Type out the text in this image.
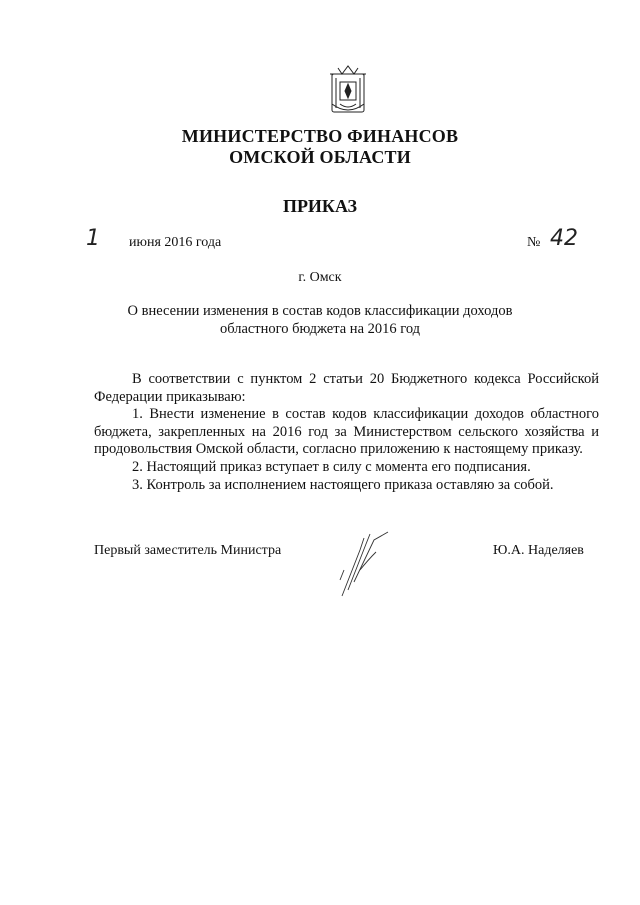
МИНИСТЕРСТВО ФИНАНСОВ
ОМСКОЙ ОБЛАСТИ
ПРИКАЗ
1 июня 2016 года	№ 42
г. Омск
О внесении изменения в состав кодов классификации доходов
областного бюджета на 2016 год

В соответствии с пунктом 2 статьи 20 Бюджетного кодекса Российской Федерации приказываю:

1. Внести изменение в состав кодов классификации доходов областного бюджета, закрепленных на 2016 год за Министерством сельского хозяйства и продовольствия Омской области, согласно приложению к настоящему приказу.

2. Настоящий приказ вступает в силу с момента его подписания.

3. Контроль за исполнением настоящего приказа оставляю за собой.

Первый заместитель Министра	Ю.А. Наделяев
